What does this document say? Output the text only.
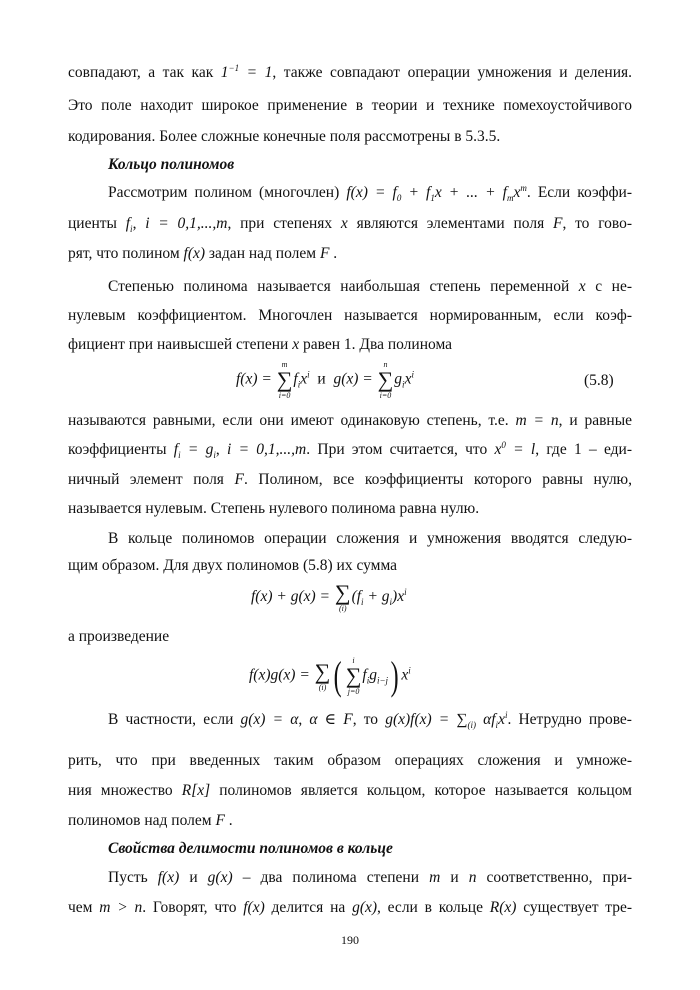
совпадают, а так как $1^{-1} = 1$, также совпадают операции умножения и деления.
Это поле находит широкое применение в теории и технике помехоустойчивого
кодирования. Более сложные конечные поля рассмотрены в 5.3.5.
Кольцо полиномов
Рассмотрим полином (многочлен) $f(x) = f_0 + f_1x$ + ... + $f_mx^m$. Если коэффи-
циенты $f_i$, i = 0,1,...,m, при степенях x являются элементами поля F, то гово-
рят, что полином f(x) задан над полем F .
Степенью полинома называется наибольшая степень переменной x с не-
нулевым коэффициентом. Многочлен называется нормированным, если коэф-
фициент при наивысшей степени x равен 1. Два полинома
f(x) =
m
∑
i=0
$f_ix^i$ и  g(x) =
n
∑
i=0
$g_ix^i$	(5.8)
называются равными, если они имеют одинаковую степень, т.е. m = n, и равные
коэффициенты $f_i = g_i$, i = 0,1,...,m. При этом считается, что $x^0 = l$, где 1 – еди-
ничный элемент поля F. Полином, все коэффициенты которого равны нулю,
называется нулевым. Степень нулевого полинома равна нулю.
В кольце полиномов операции сложения и умножения вводятся следую-
щим образом. Для двух полиномов (5.8) их сумма
f(x) + g(x) = ∑
(i)
$(f_i + g_i)x^i$
а произведение
f(x)g(x) = ∑
(i) (	i
∑
j=0
$f_ig_{i-j}$) $x^i$
В частности, если g(x) = α, α ∈ F, то $g(x)f(x) = \sum_{(i)}$ $\alpha f_ix^i$. Нетрудно прове-
рить, что при введенных таким образом операциях сложения и умноже-
ния множество R[x] полиномов является кольцом, которое называется кольцом
полиномов над полем F .
Свойства делимости полиномов в кольце
Пусть f(x) и g(x) – два полинома степени m и n соответственно, при-
чем m > n. Говорят, что f(x) делится на g(x), если в кольце R(x) существует тре-
190
